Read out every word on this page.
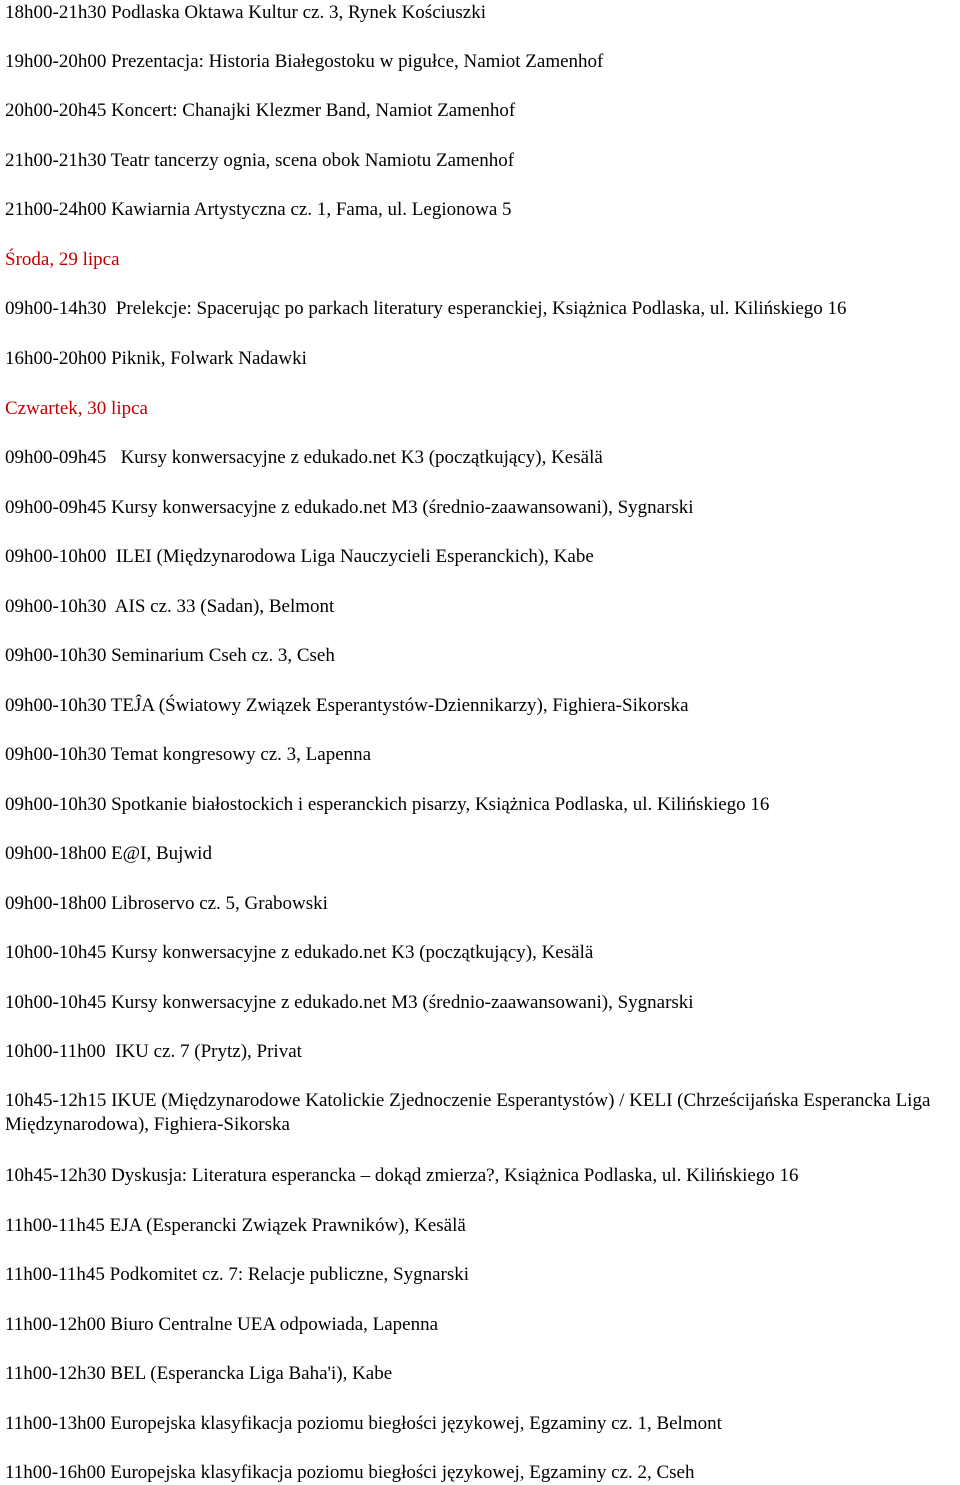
18h00-21h30 Podlaska Oktawa Kultur cz. 3, Rynek Kościuszki
19h00-20h00 Prezentacja: Historia Białegostoku w pigułce, Namiot Zamenhof
20h00-20h45 Koncert: Chanajki Klezmer Band, Namiot Zamenhof
21h00-21h30 Teatr tancerzy ognia, scena obok Namiotu Zamenhof
21h00-24h00 Kawiarnia Artystyczna cz. 1, Fama, ul. Legionowa 5
Środa, 29 lipca
09h00-14h30  Prelekcje: Spacerując po parkach literatury esperanckiej, Książnica Podlaska, ul. Kilińskiego 16
16h00-20h00 Piknik, Folwark Nadawki
Czwartek, 30 lipca
09h00-09h45   Kursy konwersacyjne z edukado.net K3 (początkujący), Kesälä
09h00-09h45 Kursy konwersacyjne z edukado.net M3 (średnio-zaawansowani), Sygnarski
09h00-10h00  ILEI (Międzynarodowa Liga Nauczycieli Esperanckich), Kabe
09h00-10h30  AIS cz. 33 (Sadan), Belmont
09h00-10h30 Seminarium Cseh cz. 3, Cseh
09h00-10h30 TEĴA (Światowy Związek Esperantystów-Dziennikarzy), Fighiera-Sikorska
09h00-10h30 Temat kongresowy cz. 3, Lapenna
09h00-10h30 Spotkanie białostockich i esperanckich pisarzy, Książnica Podlaska, ul. Kilińskiego 16
09h00-18h00 E@I, Bujwid
09h00-18h00 Libroservo cz. 5, Grabowski
10h00-10h45 Kursy konwersacyjne z edukado.net K3 (początkujący), Kesälä
10h00-10h45 Kursy konwersacyjne z edukado.net M3 (średnio-zaawansowani), Sygnarski
10h00-11h00  IKU cz. 7 (Prytz), Privat
10h45-12h15 IKUE (Międzynarodowe Katolickie Zjednoczenie Esperantystów) / KELI (Chrześcijańska Esperancka Liga Międzynarodowa), Fighiera-Sikorska
10h45-12h30 Dyskusja: Literatura esperancka – dokąd zmierza?, Książnica Podlaska, ul. Kilińskiego 16
11h00-11h45 EJA (Esperancki Związek Prawników), Kesälä
11h00-11h45 Podkomitet cz. 7: Relacje publiczne, Sygnarski
11h00-12h00 Biuro Centralne UEA odpowiada, Lapenna
11h00-12h30 BEL (Esperancka Liga Baha'i), Kabe
11h00-13h00 Europejska klasyfikacja poziomu biegłości językowej, Egzaminy cz. 1, Belmont
11h00-16h00 Europejska klasyfikacja poziomu biegłości językowej, Egzaminy cz. 2, Cseh
